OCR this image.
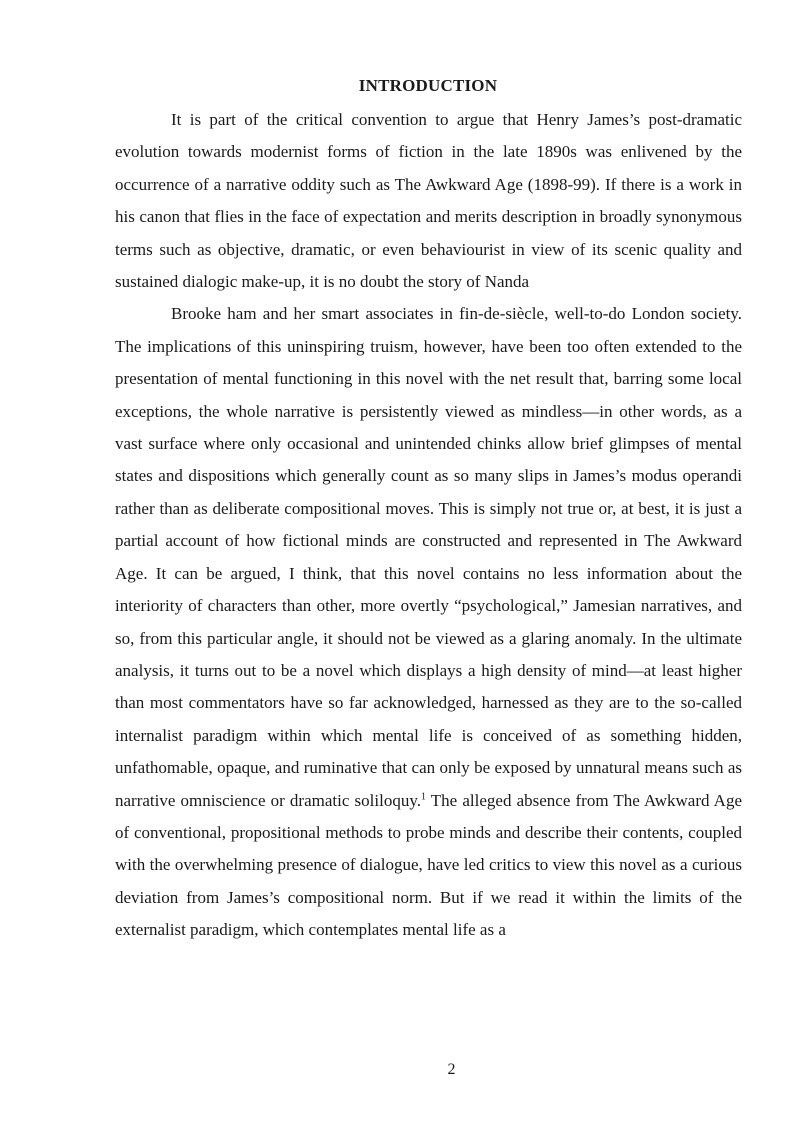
INTRODUCTION

It is part of the critical convention to argue that Henry James’s post-dramatic evolution towards modernist forms of fiction in the late 1890s was enlivened by the occurrence of a narrative oddity such as The Awkward Age (1898-99). If there is a work in his canon that flies in the face of expectation and merits description in broadly synonymous terms such as objective, dramatic, or even behaviourist in view of its scenic quality and sustained dialogic make-up, it is no doubt the story of Nanda

Brooke ham and her smart associates in fin-de-siècle, well-to-do London society. The implications of this uninspiring truism, however, have been too often extended to the presentation of mental functioning in this novel with the net result that, barring some local exceptions, the whole narrative is persistently viewed as mindless—in other words, as a vast surface where only occasional and unintended chinks allow brief glimpses of mental states and dispositions which generally count as so many slips in James’s modus operandi rather than as deliberate compositional moves. This is simply not true or, at best, it is just a partial account of how fictional minds are constructed and represented in The Awkward Age. It can be argued, I think, that this novel contains no less information about the interiority of characters than other, more overtly “psychological,” Jamesian narratives, and so, from this particular angle, it should not be viewed as a glaring anomaly. In the ultimate analysis, it turns out to be a novel which displays a high density of mind—at least higher than most commentators have so far acknowledged, harnessed as they are to the so-called internalist paradigm within which mental life is conceived of as something hidden, unfathomable, opaque, and ruminative that can only be exposed by unnatural means such as narrative omniscience or dramatic soliloquy.$^1$ The alleged absence from The Awkward Age of conventional, propositional methods to probe minds and describe their contents, coupled with the overwhelming presence of dialogue, have led critics to view this novel as a curious deviation from James’s compositional norm. But if we read it within the limits of the externalist paradigm, which contemplates mental life as a

2
